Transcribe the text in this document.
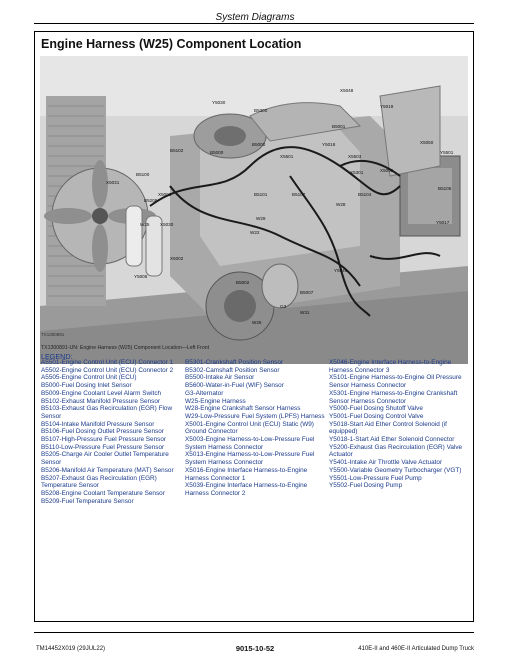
System Diagrams
Engine Harness (W25) Component Location
Y5030
B5300
X5048
Y5019
B5001
B5000
B5102
Y5018
B5000
X5050
X5005
X5501	X5503
X5301
Y5501
B5100
X5031
X5001	B5101	B5107	B5104
B5105
B5209
W25
W29
W28
X5030	Y5017
W22
X5002
Y5006
B5002
Y5040
B5007
G3
W26
W31
TX1300891
TX1300891-UN: Engine Harness (W25) Component Location—Left Front
LEGEND:
A5501-Engine Control Unit (ECU) Connector 1
A5502-Engine Control Unit (ECU) Connector 2
A5505-Engine Control Unit (ECU)
B5000-Fuel Dosing Inlet Sensor
B5009-Engine Coolant Level Alarm Switch
B5102-Exhaust Manifold Pressure Sensor
B5103-Exhaust Gas Recirculation (EGR) Flow Sensor
B5104-Intake Manifold Pressure Sensor
B5106-Fuel Dosing Outlet Pressure Sensor
B5107-High-Pressure Fuel Pressure Sensor
B5110-Low-Pressure Fuel Pressure Sensor
B5205-Charge Air Cooler Outlet Temperature Sensor
B5206-Manifold Air Temperature (MAT) Sensor
B5207-Exhaust Gas Recirculation (EGR) Temperature Sensor
B5208-Engine Coolant Temperature Sensor
B5209-Fuel Temperature Sensor
B5301-Crankshaft Position Sensor
B5302-Camshaft Position Sensor
B5500-Intake Air Sensor
B5600-Water-in-Fuel (WIF) Sensor
G3-Alternator
W25-Engine Harness
W28-Engine Crankshaft Sensor Harness
W29-Low-Pressure Fuel System (LPFS) Harness
X5001-Engine Control Unit (ECU) Static (W9) Ground Connector
X5003-Engine Harness-to-Low-Pressure Fuel System Harness Connector
X5013-Engine Harness-to-Low-Pressure Fuel System Harness Connector
X5016-Engine Interface Harness-to-Engine Harness Connector 1
X5039-Engine Interface Harness-to-Engine Harness Connector 2
X5046-Engine Interface Harness-to-Engine Harness Connector 3
X5101-Engine Harness-to-Engine Oil Pressure Sensor Harness Connector
X5301-Engine Harness-to-Engine Crankshaft Sensor Harness Connector
Y5000-Fuel Dosing Shutoff Valve
Y5001-Fuel Dosing Control Valve
Y5018-Start Aid Ether Control Solenoid (if equipped)
Y5018-1-Start Aid Ether Solenoid Connector
Y5200-Exhaust Gas Recirculation (EGR) Valve Actuator
Y5401-Intake Air Throttle Valve Actuator
Y5500-Variable Geometry Turbocharger (VGT)
Y5501-Low-Pressure Fuel Pump
Y5502-Fuel Dosing Pump
TM14452X019 (29JUL22)	9015-10-52	410E-II and 460E-II Articulated Dump Truck
